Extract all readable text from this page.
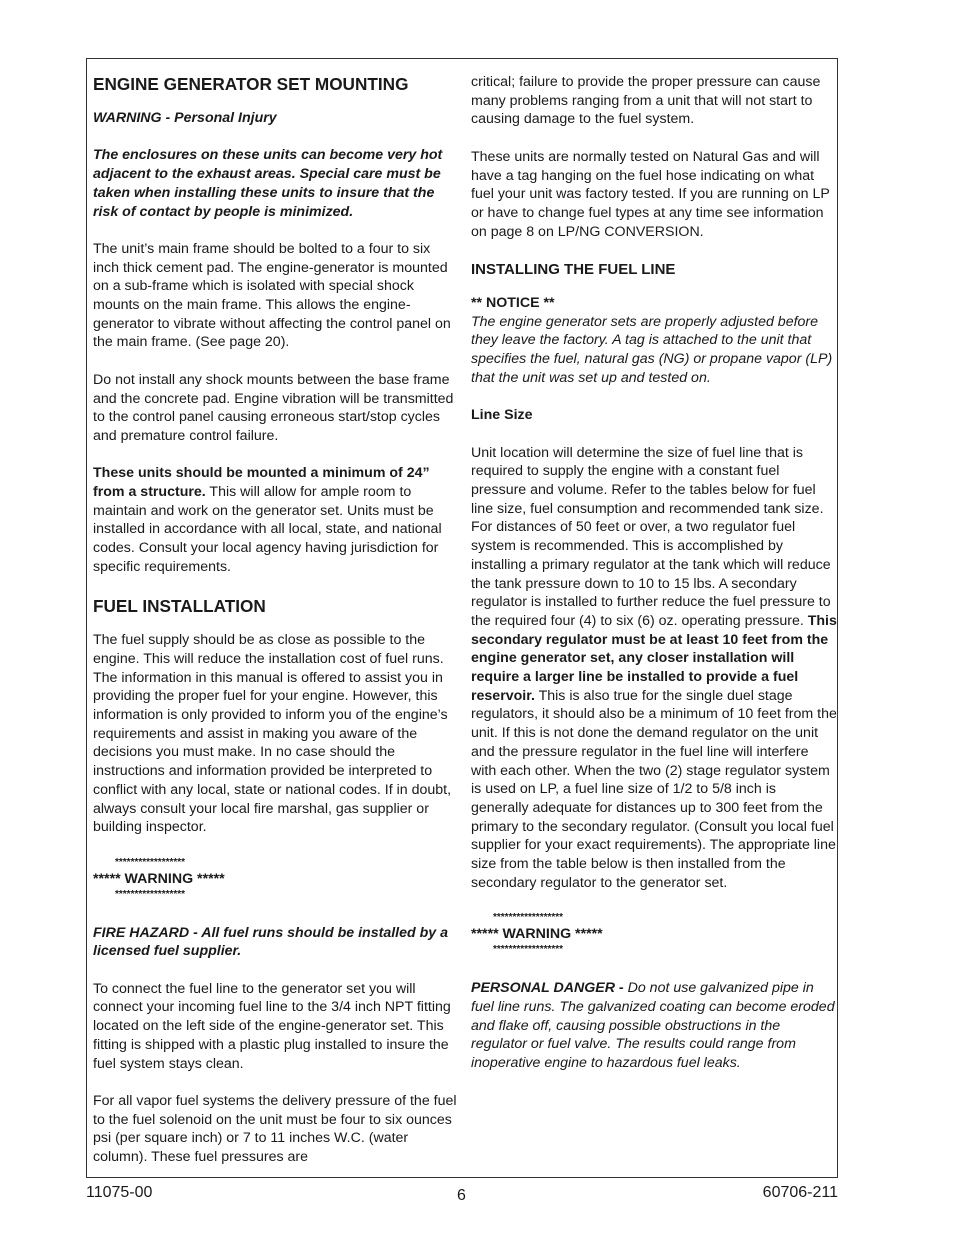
ENGINE GENERATOR SET MOUNTING

WARNING - Personal Injury

The enclosures on these units can become very hot adjacent to the exhaust areas. Special care must be taken when installing these units to insure that the risk of contact by people is minimized.

The unit’s main frame should be bolted to a four to six inch thick cement pad. The engine-generator is mounted on a sub-frame which is isolated with special shock mounts on the main frame. This allows the engine-generator to vibrate without affecting the control panel on the main frame. (See page 20).

Do not install any shock mounts between the base frame and the concrete pad. Engine vibration will be transmitted to the control panel causing erroneous start/stop cycles and premature control failure.

These units should be mounted a minimum of 24” from a structure. This will allow for ample room to maintain and work on the generator set. Units must be installed in accordance with all local, state, and national codes. Consult your local agency having jurisdiction for specific requirements.

FUEL INSTALLATION

The fuel supply should be as close as possible to the engine. This will reduce the installation cost of fuel runs. The information in this manual is offered to assist you in providing the proper fuel for your engine. However, this information is only provided to inform you of the engine’s requirements and assist in making you aware of the decisions you must make. In no case should the instructions and information provided be interpreted to conflict with any local, state or national codes. If in doubt, always consult your local fire marshal, gas supplier or building inspector.

******************
***** WARNING *****
******************

FIRE HAZARD - All fuel runs should be installed by a licensed fuel supplier.

To connect the fuel line to the generator set you will connect your incoming fuel line to the 3/4 inch NPT fitting located on the left side of the engine-generator set. This fitting is shipped with a plastic plug installed to insure the fuel system stays clean.

For all vapor fuel systems the delivery pressure of the fuel to the fuel solenoid on the unit must be four to six ounces psi (per square inch) or 7 to 11 inches W.C. (water column). These fuel pressures are

critical; failure to provide the proper pressure can cause many problems ranging from a unit that will not start to causing damage to the fuel system.

These units are normally tested on Natural Gas and will have a tag hanging on the fuel hose indicating on what fuel your unit was factory tested. If you are running on LP or have to change fuel types at any time see information on page 8 on LP/NG CONVERSION.

INSTALLING THE FUEL LINE

** NOTICE **
The engine generator sets are properly adjusted before they leave the factory. A tag is attached to the unit that specifies the fuel, natural gas (NG) or propane vapor (LP) that the unit was set up and tested on.

Line Size

Unit location will determine the size of fuel line that is required to supply the engine with a constant fuel pressure and volume. Refer to the tables below for fuel line size, fuel consumption and recommended tank size. For distances of 50 feet or over, a two regulator fuel system is recommended. This is accomplished by installing a primary regulator at the tank which will reduce the tank pressure down to 10 to 15 lbs. A secondary regulator is installed to further reduce the fuel pressure to the required four (4) to six (6) oz. operating pressure. This secondary regulator must be at least 10 feet from the engine generator set, any closer installation will require a larger line be installed to provide a fuel reservoir. This is also true for the single duel stage regulators, it should also be a minimum of 10 feet from the unit. If this is not done the demand regulator on the unit and the pressure regulator in the fuel line will interfere with each other. When the two (2) stage regulator system is used on LP, a fuel line size of 1/2 to 5/8 inch is generally adequate for distances up to 300 feet from the primary to the secondary regulator. (Consult you local fuel supplier for your exact requirements). The appropriate line size from the table below is then installed from the secondary regulator to the generator set.

******************
***** WARNING *****
******************

PERSONAL DANGER - Do not use galvanized pipe in fuel line runs. The galvanized coating can become eroded and flake off, causing possible obstructions in the regulator or fuel valve. The results could range from inoperative engine to hazardous fuel leaks.

11075-00	6	60706-211
